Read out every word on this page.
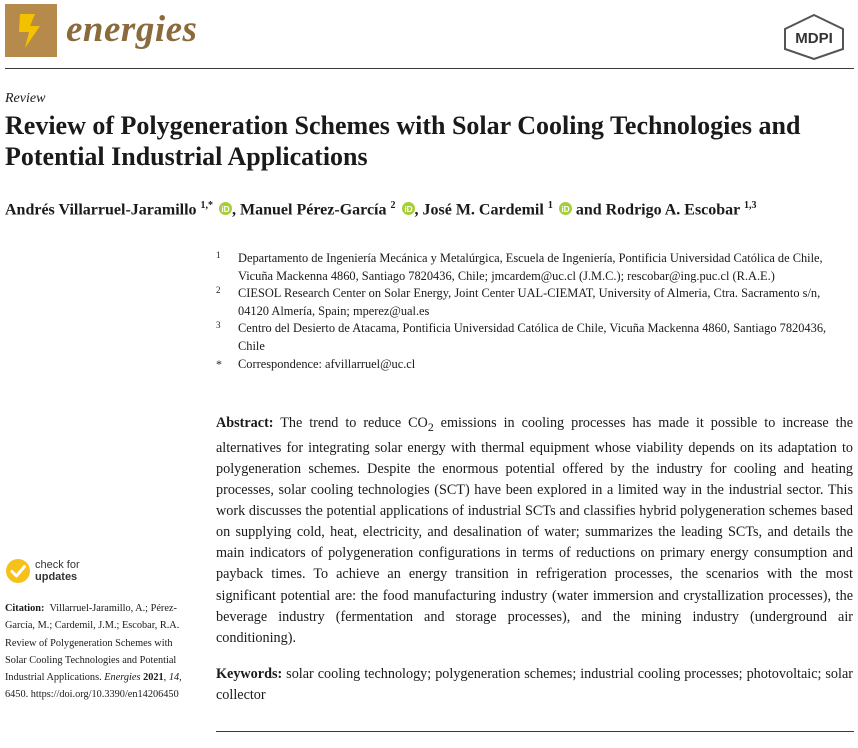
energies	MDPI
Review
Review of Polygeneration Schemes with Solar Cooling Technologies and Potential Industrial Applications
Andrés Villarruel-Jaramillo $^{1,*}$ iD , Manuel Pérez-García $^2$ iD , José M. Cardemil $^1$ iD and Rodrigo A. Escobar $^{1,3}$
1 Departamento de Ingeniería Mecánica y Metalúrgica, Escuela de Ingeniería, Pontificia Universidad Católica de Chile, Vicuña Mackenna 4860, Santiago 7820436, Chile; jmcardem@uc.cl (J.M.C.); rescobar@ing.puc.cl (R.A.E.)
2 CIESOL Research Center on Solar Energy, Joint Center UAL-CIEMAT, University of Almeria, Ctra. Sacramento s/n, 04120 Almería, Spain; mperez@ual.es
3 Centro del Desierto de Atacama, Pontificia Universidad Católica de Chile, Vicuña Mackenna 4860, Santiago 7820436, Chile
* Correspondence: afvillarruel@uc.cl

Abstract: The trend to reduce $CO_2$ emissions in cooling processes has made it possible to increase the alternatives for integrating solar energy with thermal equipment whose viability depends on its adaptation to polygeneration schemes. Despite the enormous potential offered by the industry for cooling and heating processes, solar cooling technologies (SCT) have been explored in a limited way in the industrial sector. This work discusses the potential applications of industrial SCTs and classifies hybrid polygeneration schemes based on supplying cold, heat, electricity, and desalination of water; summarizes the leading SCTs, and details the main indicators of polygeneration configurations in terms of reductions on primary energy consumption and payback times. To achieve an energy transition in refrigeration processes, the scenarios with the most significant potential are: the food manufacturing industry (water immersion and crystallization processes), the beverage industry (fermentation and storage processes), and the mining industry (underground air conditioning).

Keywords: solar cooling technology; polygeneration schemes; industrial cooling processes; photovoltaic; solar collector

check for
updates

Citation: Villarruel-Jaramillo, A.; Pérez-García, M.; Cardemil, J.M.; Escobar, R.A. Review of Polygeneration Schemes with Solar Cooling Technologies and Potential Industrial Applications. Energies 2021, 14, 6450. https://doi.org/10.3390/en14206450
